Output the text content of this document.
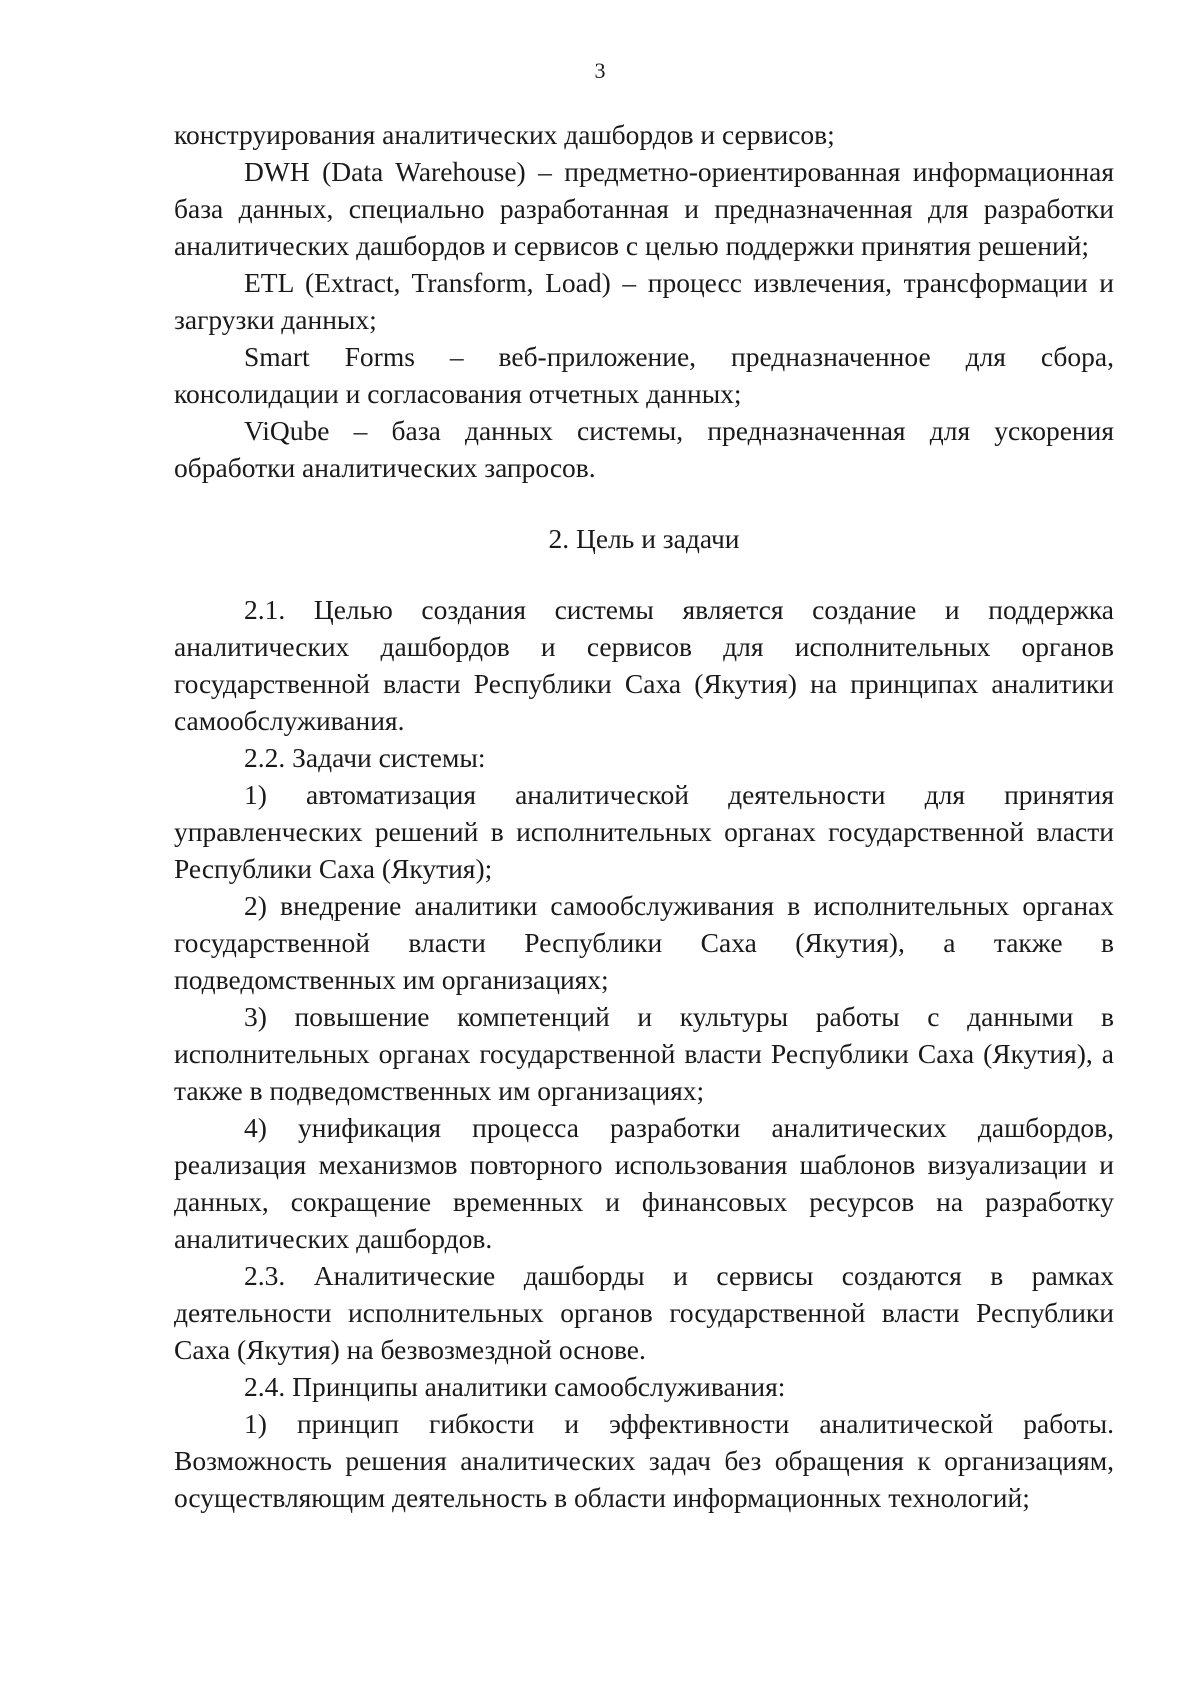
3

конструирования аналитических дашбордов и сервисов;

DWH (Data Warehouse) – предметно-ориентированная информационная база данных, специально разработанная и предназначенная для разработки аналитических дашбордов и сервисов с целью поддержки принятия решений;

ETL (Extract, Transform, Load) – процесс извлечения, трансформации и загрузки данных;

Smart Forms – веб-приложение, предназначенное для сбора, консолидации и согласования отчетных данных;

ViQube – база данных системы, предназначенная для ускорения обработки аналитических запросов.

2. Цель и задачи

2.1. Целью создания системы является создание и поддержка аналитических дашбордов и сервисов для исполнительных органов государственной власти Республики Саха (Якутия) на принципах аналитики самообслуживания.

2.2. Задачи системы:

1) автоматизация аналитической деятельности для принятия управленческих решений в исполнительных органах государственной власти Республики Саха (Якутия);

2) внедрение аналитики самообслуживания в исполнительных органах государственной власти Республики Саха (Якутия), а также в подведомственных им организациях;

3) повышение компетенций и культуры работы с данными в исполнительных органах государственной власти Республики Саха (Якутия), а также в подведомственных им организациях;

4) унификация процесса разработки аналитических дашбордов, реализация механизмов повторного использования шаблонов визуализации и данных, сокращение временных и финансовых ресурсов на разработку аналитических дашбордов.

2.3. Аналитические дашборды и сервисы создаются в рамках деятельности исполнительных органов государственной власти Республики Саха (Якутия) на безвозмездной основе.

2.4. Принципы аналитики самообслуживания:

1) принцип гибкости и эффективности аналитической работы. Возможность решения аналитических задач без обращения к организациям, осуществляющим деятельность в области информационных технологий;
